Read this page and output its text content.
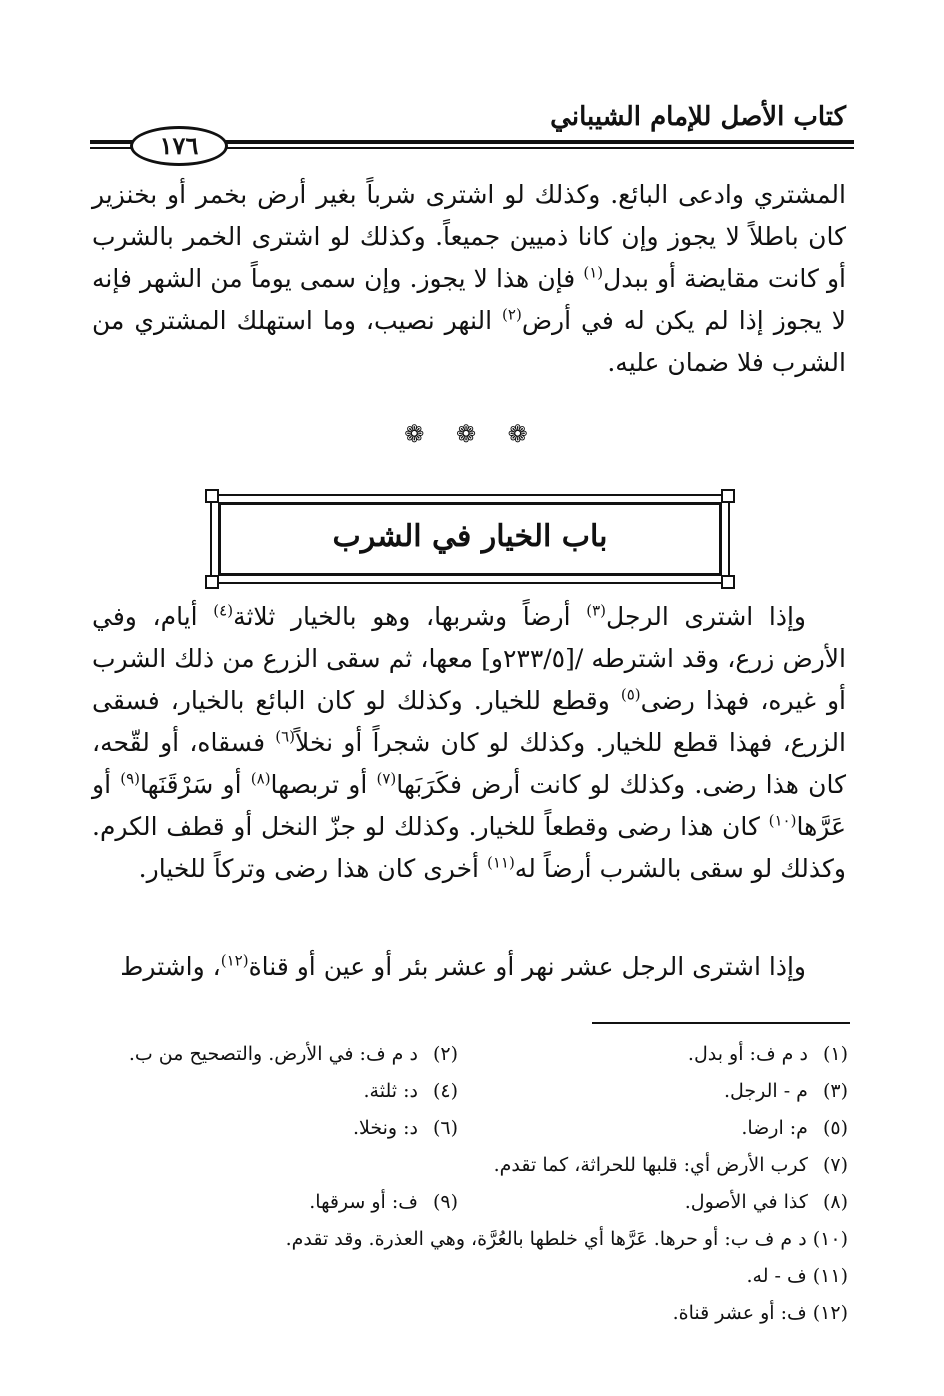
كتاب الأصل للإمام الشيباني
١٧٦
المشتري وادعى البائع. وكذلك لو اشترى شرباً بغير أرض بخمر أو بخنزير كان باطلاً لا يجوز وإن كانا ذميين جميعاً. وكذلك لو اشترى الخمر بالشرب أو كانت مقايضة أو ببدل$^{(١)}$ فإن هذا لا يجوز. وإن سمى يوماً من الشهر فإنه لا يجوز إذا لم يكن له في أرض$^{(٢)}$ النهر نصيب، وما استهلك المشتري من الشرب فلا ضمان عليه.
❁ ❁ ❁
باب الخيار في الشرب
وإذا اشترى الرجل$^{(٣)}$ أرضاً وشربها، وهو بالخيار ثلاثة$^{(٤)}$ أيام، وفي الأرض زرع، وقد اشترطه /[٢٣٣/٥و] معها، ثم سقى الزرع من ذلك الشرب أو غيره، فهذا رضى$^{(٥)}$ وقطع للخيار. وكذلك لو كان البائع بالخيار، فسقى الزرع، فهذا قطع للخيار. وكذلك لو كان شجراً أو نخلاً$^{(٦)}$ فسقاه، أو لقّحه، كان هذا رضى. وكذلك لو كانت أرض فكَرَبَها$^{(٧)}$ أو تربصها$^{(٨)}$ أو سَرْقَنَها$^{(٩)}$ أو عَرَّها$^{(١٠)}$ كان هذا رضى وقطعاً للخيار. وكذلك لو جزّ النخل أو قطف الكرم. وكذلك لو سقى بالشرب أرضاً له$^{(١١)}$ أخرى كان هذا رضى وتركاً للخيار.
وإذا اشترى الرجل عشر نهر أو عشر بئر أو عين أو قناة$^{(١٢)}$، واشترط
(١) د م ف: أو بدل.
(٢) د م ف: في الأرض. والتصحيح من ب.
(٣) م - الرجل.
(٤) د: ثلثة.
(٥) م: ارضا.
(٦) د: ونخلا.
(٧) كرب الأرض أي: قلبها للحراثة، كما تقدم.
(٨) كذا في الأصول.
(٩) ف: أو سرقها.
(١٠) د م ف ب: أو حرها. عَرَّها أي خلطها بالعُرَّة، وهي العذرة. وقد تقدم.
(١١) ف - له.
(١٢) ف: أو عشر قناة.
